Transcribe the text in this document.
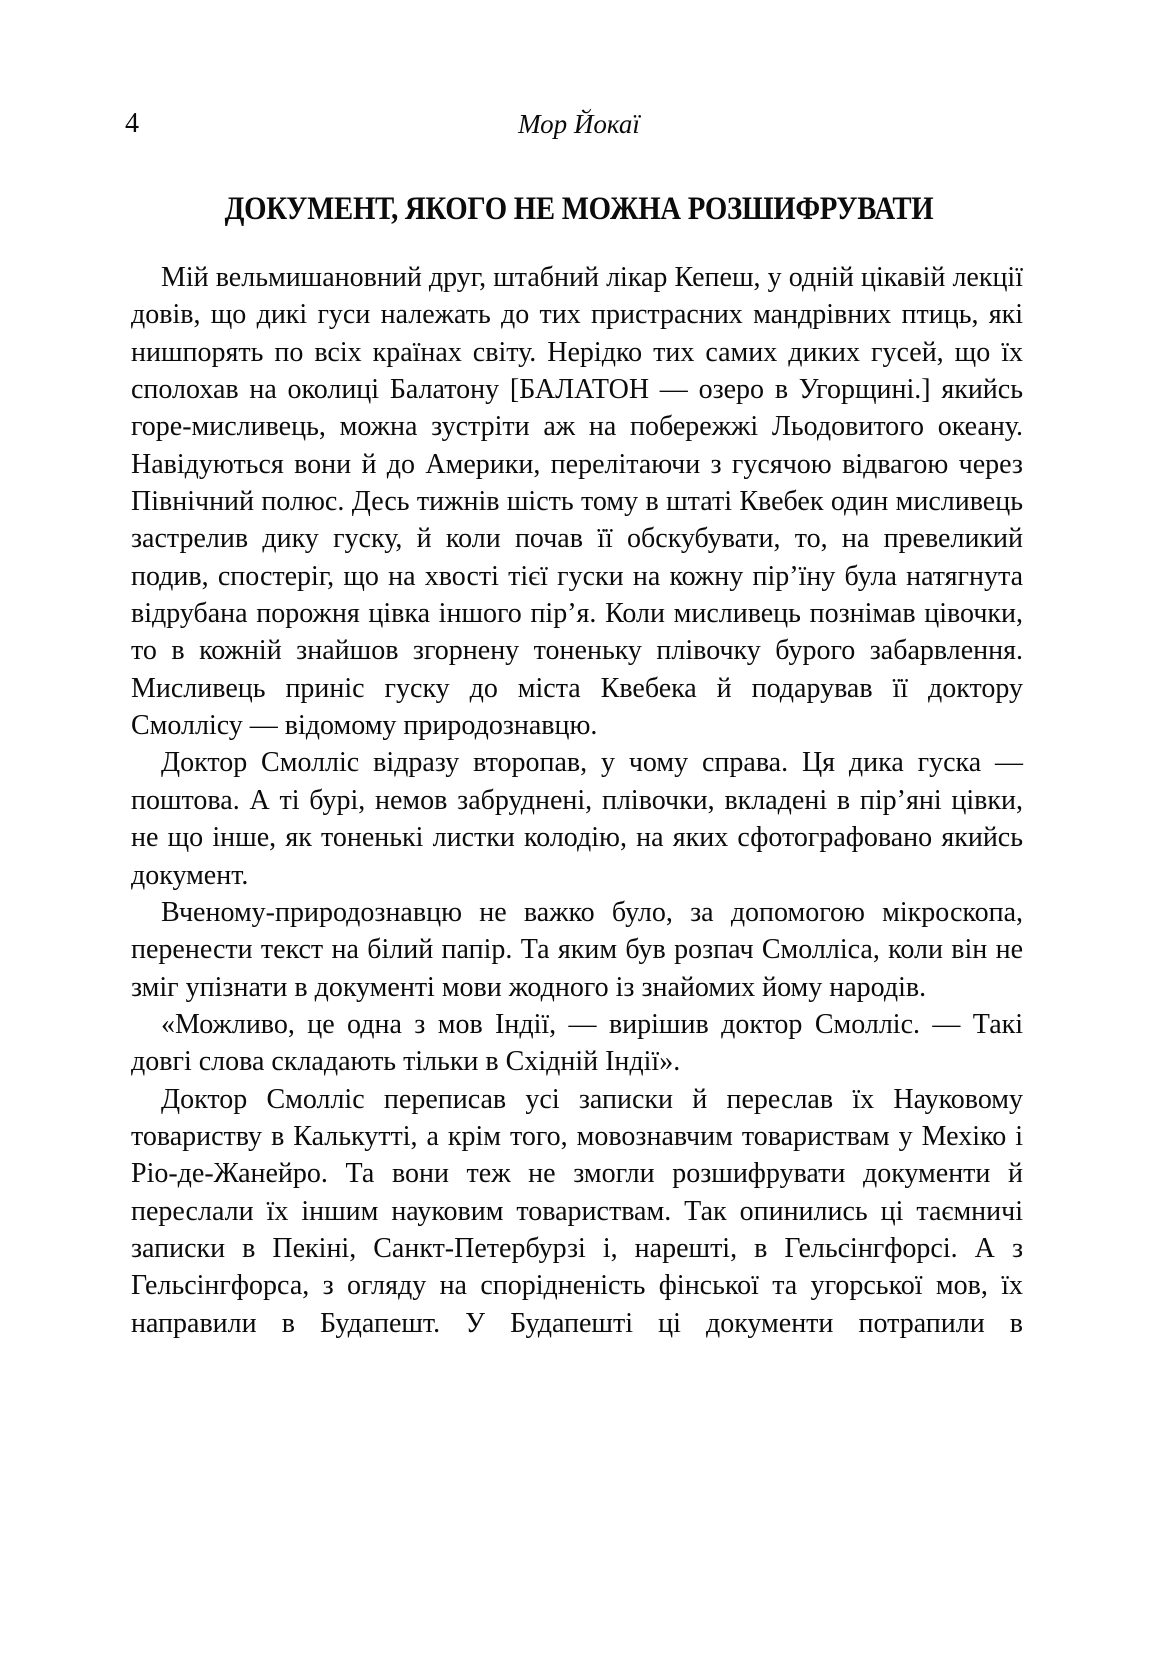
4	Мор Йокаї
ДОКУМЕНТ, ЯКОГО НЕ МОЖНА РОЗШИФРУВАТИ

Мій вельмишановний друг, штабний лікар Кепеш, у одній цікавій лекції довів, що дикі гуси належать до тих пристрасних мандрівних птиць, які нишпорять по всіх країнах світу. Нерідко тих самих диких гусей, що їх сполохав на околиці Балатону [БАЛАТОН — озеро в Угорщині.] якийсь горе-мисливець, можна зустріти аж на побережжі Льодовитого океану. Навідуються вони й до Америки, перелітаючи з гусячою відвагою через Північний полюс. Десь тижнів шість тому в штаті Квебек один мисливець застрелив дику гуску, й коли почав її обскубувати, то, на превеликий подив, спостеріг, що на хвості тієї гуски на кожну пір’їну була натягнута відрубана порожня цівка іншого пір’я. Коли мисливець познімав цівочки, то в кожній знайшов згорнену тоненьку плівочку бурого забарвлення. Мисливець приніс гуску до міста Квебека й подарував її доктору Смоллісу — відомому природознавцю.

Доктор Смолліс відразу второпав, у чому справа. Ця дика гуска — поштова. А ті бурі, немов забруднені, плівочки, вкладені в пір’яні цівки, не що інше, як тоненькі листки колодію, на яких сфотографовано якийсь документ.

Вченому-природознавцю не важко було, за допомогою мікроскопа, перенести текст на білий папір. Та яким був розпач Смолліса, коли він не зміг упізнати в документі мови жодного із знайомих йому народів.

«Можливо, це одна з мов Індії, — вирішив доктор Смолліс. — Такі довгі слова складають тільки в Східній Індії».

Доктор Смолліс переписав усі записки й переслав їх Науковому товариству в Калькутті, а крім того, мовознавчим товариствам у Мехіко і Ріо-де-Жанейро. Та вони теж не змогли розшифрувати документи й переслали їх іншим науковим товариствам. Так опинились ці таємничі записки в Пекіні, Санкт-Петербурзі і, нарешті, в Гельсінгфорсі. А з Гельсінгфорса, з огляду на спорідненість фінської та угорської мов, їх направили в Будапешт. У Будапешті ці документи потрапили в
